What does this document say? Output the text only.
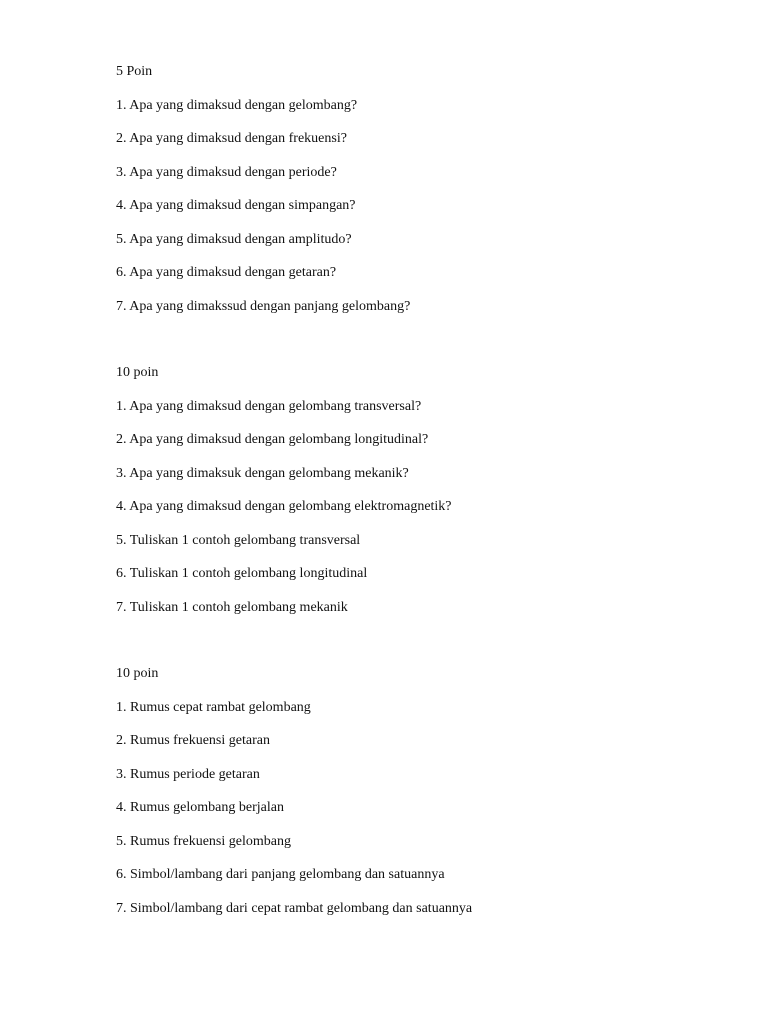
5 Poin
1. Apa yang dimaksud dengan gelombang?
2. Apa yang dimaksud dengan frekuensi?
3. Apa yang dimaksud dengan periode?
4. Apa yang dimaksud dengan simpangan?
5. Apa yang dimaksud dengan amplitudo?
6. Apa yang dimaksud dengan getaran?
7. Apa yang dimakssud dengan panjang gelombang?
10 poin
1. Apa yang dimaksud dengan gelombang transversal?
2. Apa yang dimaksud dengan gelombang longitudinal?
3. Apa yang dimaksuk dengan gelombang mekanik?
4. Apa yang dimaksud dengan gelombang elektromagnetik?
5. Tuliskan 1 contoh gelombang transversal
6. Tuliskan 1 contoh gelombang longitudinal
7. Tuliskan 1 contoh gelombang mekanik
10 poin
1. Rumus cepat rambat gelombang
2. Rumus frekuensi getaran
3. Rumus periode getaran
4. Rumus gelombang berjalan
5. Rumus frekuensi gelombang
6. Simbol/lambang dari panjang gelombang dan satuannya
7. Simbol/lambang dari cepat rambat gelombang dan satuannya
